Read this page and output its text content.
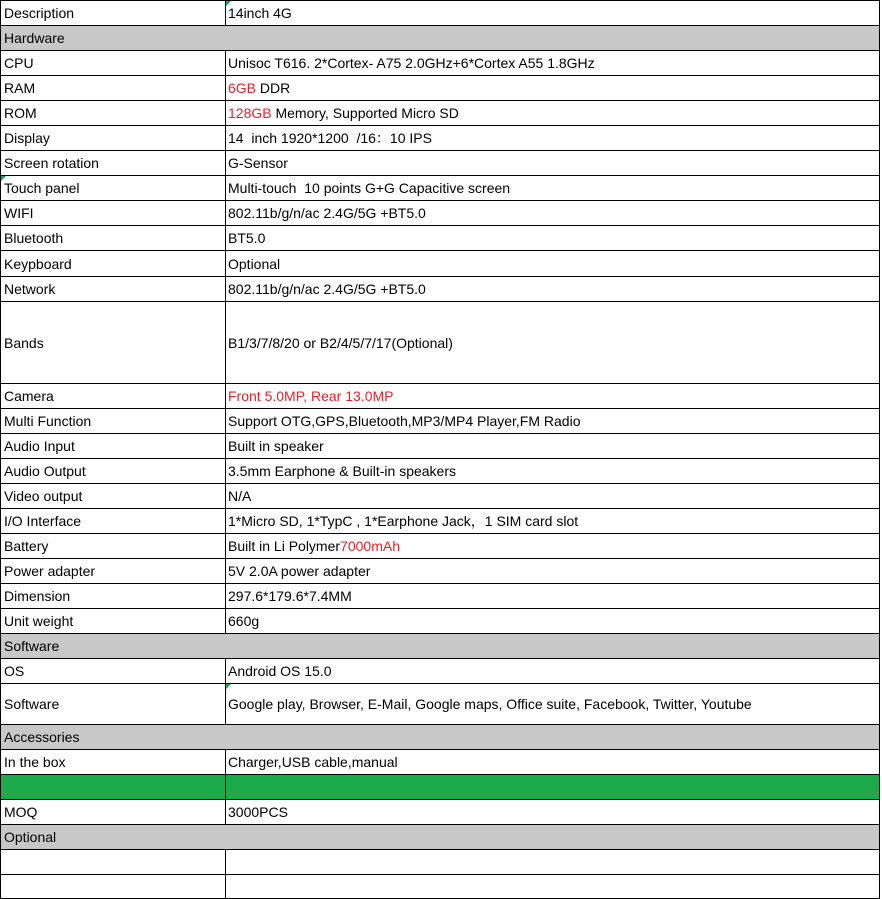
Description	14inch 4G
Hardware
CPU	Unisoc T616. 2*Cortex- A75 2.0GHz+6*Cortex A55 1.8GHz
RAM	6GB DDR
ROM	128GB Memory, Supported Micro SD
Display	14  inch 1920*1200  /16：10 IPS
Screen rotation	G-Sensor
Touch panel	Multi-touch  10 points G+G Capacitive screen
WIFI	802.11b/g/n/ac 2.4G/5G +BT5.0
Bluetooth	BT5.0
Keypboard	Optional
Network	802.11b/g/n/ac 2.4G/5G +BT5.0
Bands	B1/3/7/8/20 or B2/4/5/7/17(Optional)
Camera	Front 5.0MP, Rear 13.0MP
Multi Function	Support OTG,GPS,Bluetooth,MP3/MP4 Player,FM Radio
Audio Input	Built in speaker
Audio Output	3.5mm Earphone & Built-in speakers
Video output	N/A
I/O Interface	1*Micro SD, 1*TypC , 1*Earphone Jack，1 SIM card slot
Battery	Built in Li Polymer 7000mAh
Power adapter	5V 2.0A power adapter
Dimension	297.6*179.6*7.4MM
Unit weight	660g
Software
OS	Android OS 15.0
Software	Google play, Browser, E-Mail, Google maps, Office suite, Facebook, Twitter, Youtube
Accessories
In the box	Charger,USB cable,manual
MOQ	3000PCS
Optional
